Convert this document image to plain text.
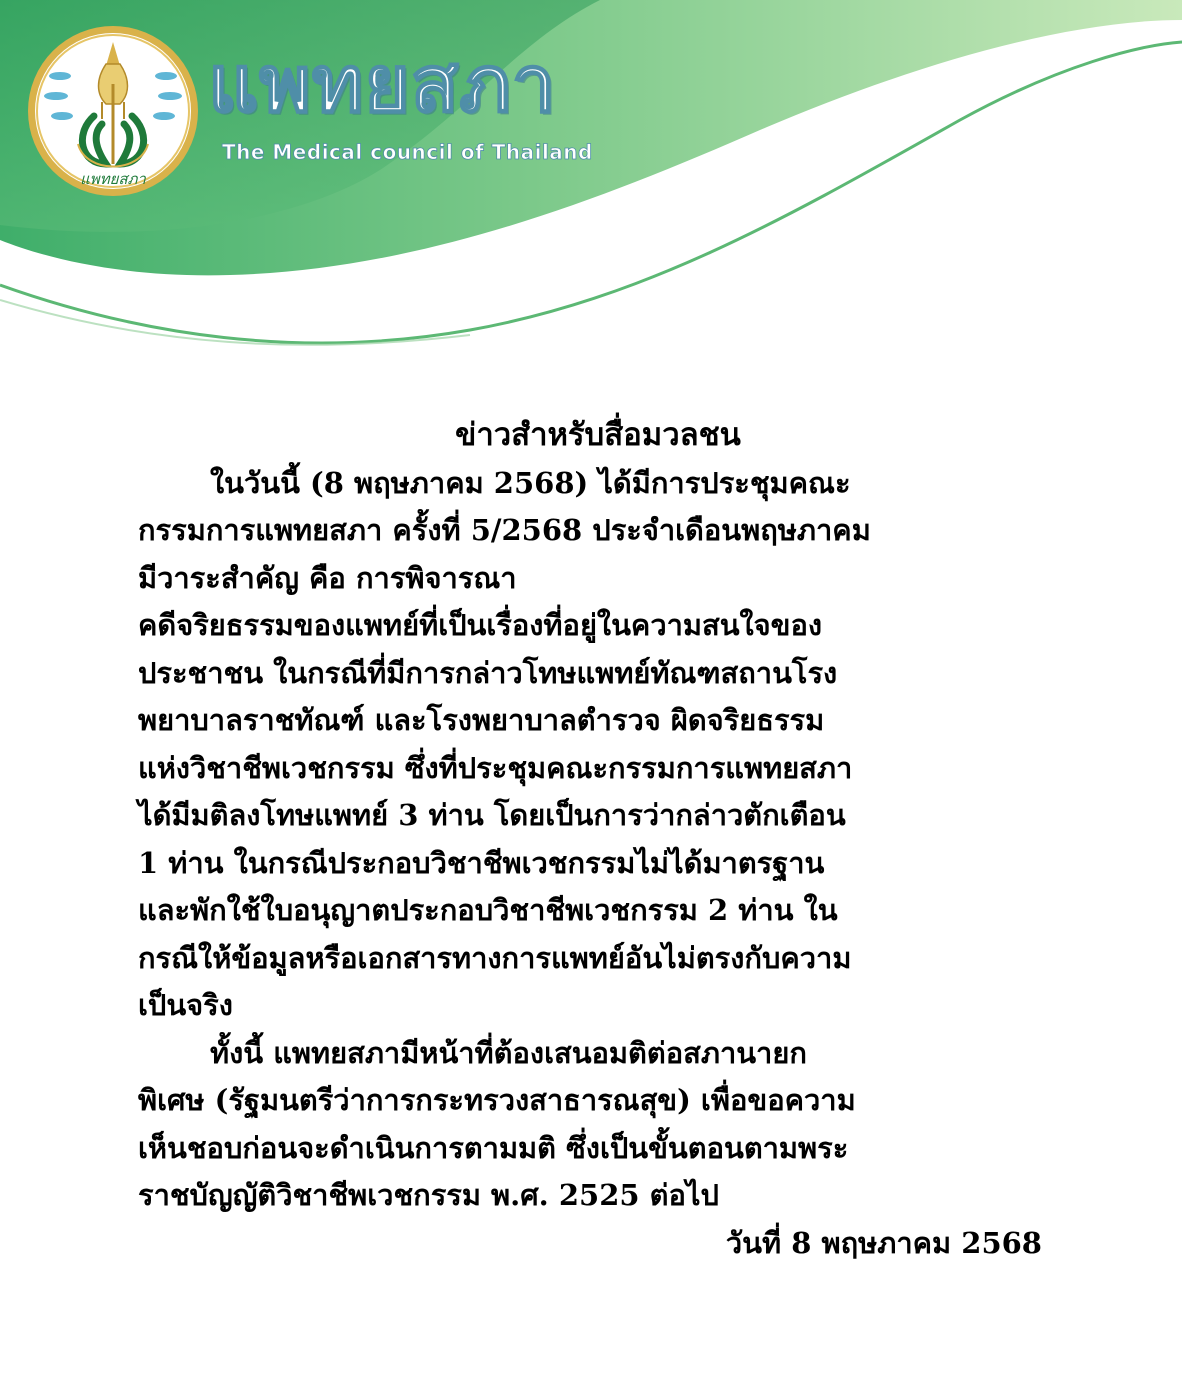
แพทยสภา
แพทยสภา
The Medical council of Thailand
ข่าวสำหรับสื่อมวลชน
ในวันนี้ (8 พฤษภาคม 2568) ได้มีการประชุมคณะ
กรรมการแพทยสภา ครั้งที่ 5/2568 ประจำเดือนพฤษภาคม
มีวาระสำคัญ คือ การพิจารณา
คดีจริยธรรมของแพทย์ที่เป็นเรื่องที่อยู่ในความสนใจของ
ประชาชน ในกรณีที่มีการกล่าวโทษแพทย์ทัณฑสถานโรง
พยาบาลราชทัณฑ์ และโรงพยาบาลตำรวจ ผิดจริยธรรม
แห่งวิชาชีพเวชกรรม ซึ่งที่ประชุมคณะกรรมการแพทยสภา
ได้มีมติลงโทษแพทย์ 3 ท่าน โดยเป็นการว่ากล่าวตักเตือน
1 ท่าน ในกรณีประกอบวิชาชีพเวชกรรมไม่ได้มาตรฐาน
และพักใช้ใบอนุญาตประกอบวิชาชีพเวชกรรม 2 ท่าน ใน
กรณีให้ข้อมูลหรือเอกสารทางการแพทย์อันไม่ตรงกับความ
เป็นจริง
ทั้งนี้ แพทยสภามีหน้าที่ต้องเสนอมติต่อสภานายก
พิเศษ (รัฐมนตรีว่าการกระทรวงสาธารณสุข) เพื่อขอความ
เห็นชอบก่อนจะดำเนินการตามมติ ซึ่งเป็นขั้นตอนตามพระ
ราชบัญญัติวิชาชีพเวชกรรม พ.ศ. 2525 ต่อไป
วันที่ 8 พฤษภาคม 2568
